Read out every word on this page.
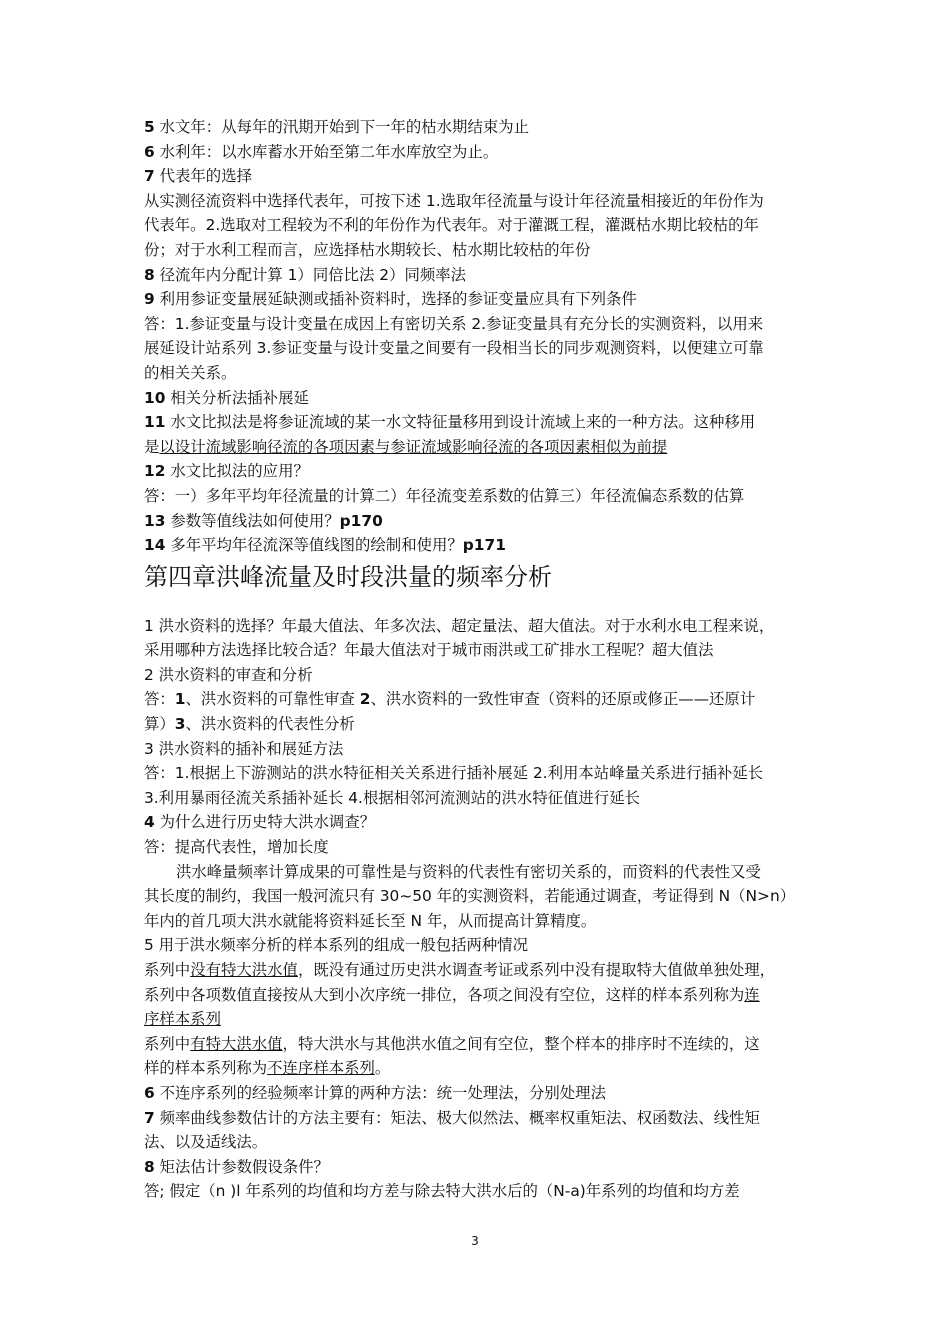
5 水文年：从每年的汛期开始到下一年的枯水期结束为止
6 水利年：以水库蓄水开始至第二年水库放空为止。
7 代表年的选择
从实测径流资料中选择代表年，可按下述 1.选取年径流量与设计年径流量相接近的年份作为
代表年。2.选取对工程较为不利的年份作为代表年。对于灌溉工程，灌溉枯水期比较枯的年
份；对于水利工程而言，应选择枯水期较长、枯水期比较枯的年份
8 径流年内分配计算 1）同倍比法 2）同频率法
9 利用参证变量展延缺测或插补资料时，选择的参证变量应具有下列条件
答：1.参证变量与设计变量在成因上有密切关系 2.参证变量具有充分长的实测资料，以用来
展延设计站系列 3.参证变量与设计变量之间要有一段相当长的同步观测资料，以便建立可靠
的相关关系。
10 相关分析法插补展延
11 水文比拟法是将参证流域的某一水文特征量移用到设计流域上来的一种方法。这种移用
是以设计流域影响径流的各项因素与参证流域影响径流的各项因素相似为前提
12 水文比拟法的应用？
答：一）多年平均年径流量的计算二）年径流变差系数的估算三）年径流偏态系数的估算
13 参数等值线法如何使用？p170
14 多年平均年径流深等值线图的绘制和使用？p171
第四章洪峰流量及时段洪量的频率分析
1 洪水资料的选择？年最大值法、年多次法、超定量法、超大值法。对于水利水电工程来说，
采用哪种方法选择比较合适？年最大值法对于城市雨洪或工矿排水工程呢？超大值法
2 洪水资料的审查和分析
答：1、洪水资料的可靠性审查 2、洪水资料的一致性审查（资料的还原或修正——还原计
算）3、洪水资料的代表性分析
3 洪水资料的插补和展延方法
答：1.根据上下游测站的洪水特征相关关系进行插补展延 2.利用本站峰量关系进行插补延长
3.利用暴雨径流关系插补延长 4.根据相邻河流测站的洪水特征值进行延长
4 为什么进行历史特大洪水调查？
答：提高代表性，增加长度
洪水峰量频率计算成果的可靠性是与资料的代表性有密切关系的，而资料的代表性又受
其长度的制约，我国一般河流只有 30~50 年的实测资料，若能通过调查，考证得到 N（N>n）
年内的首几项大洪水就能将资料延长至 N 年，从而提高计算精度。
5 用于洪水频率分析的样本系列的组成一般包括两种情况
系列中没有特大洪水值，既没有通过历史洪水调查考证或系列中没有提取特大值做单独处理，
系列中各项数值直接按从大到小次序统一排位，各项之间没有空位，这样的样本系列称为连
序样本系列
系列中有特大洪水值，特大洪水与其他洪水值之间有空位，整个样本的排序时不连续的，这
样的样本系列称为不连序样本系列。
6 不连序系列的经验频率计算的两种方法：统一处理法，分别处理法
7 频率曲线参数估计的方法主要有：矩法、极大似然法、概率权重矩法、权函数法、线性矩
法、以及适线法。
8 矩法估计参数假设条件？
答; 假定（n )l 年系列的均值和均方差与除去特大洪水后的（N-a)年系列的均值和均方差
3
